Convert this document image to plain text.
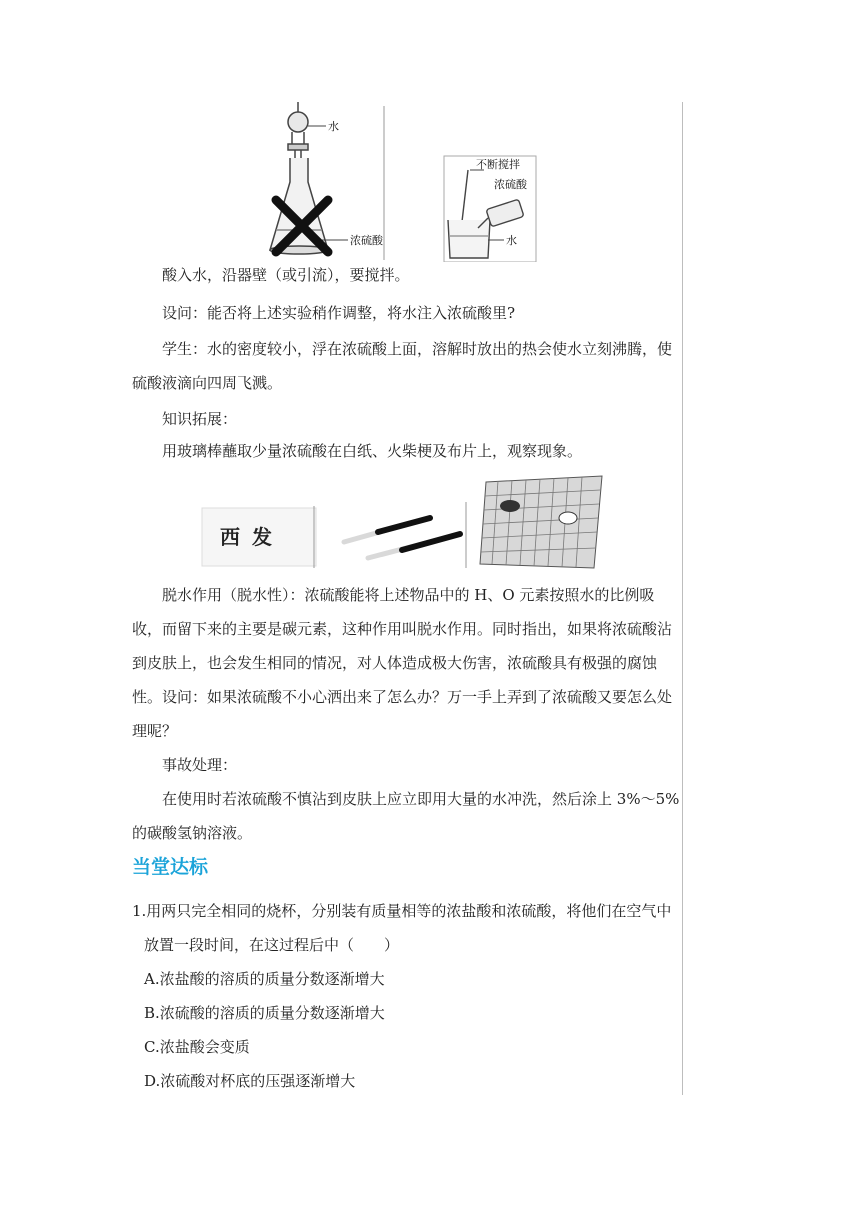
水
浓硫酸
不断搅拌
浓硫酸
水

酸入水，沿器壁（或引流），要搅拌。

设问：能否将上述实验稍作调整，将水注入浓硫酸里?

学生：水的密度较小，浮在浓硫酸上面，溶解时放出的热会使水立刻沸腾，使硫酸液滴向四周飞溅。

知识拓展：

用玻璃棒蘸取少量浓硫酸在白纸、火柴梗及布片上，观察现象。

西   发

脱水作用（脱水性）：浓硫酸能将上述物品中的 H、O 元素按照水的比例吸收，而留下来的主要是碳元素，这种作用叫脱水作用。同时指出，如果将浓硫酸沾到皮肤上，也会发生相同的情况，对人体造成极大伤害，浓硫酸具有极强的腐蚀性。 设问：如果浓硫酸不小心洒出来了怎么办？万一手上弄到了浓硫酸又要怎么处理呢？

事故处理：

在使用时若浓硫酸不慎沾到皮肤上应立即用大量的水冲洗，然后涂上 3%～5%的碳酸氢钠溶液。

当堂达标

1.用两只完全相同的烧杯，分别装有质量相等的浓盐酸和浓硫酸，将他们在空气中

放置一段时间，在这过程后中（　　）

A.浓盐酸的溶质的质量分数逐渐增大

B.浓硫酸的溶质的质量分数逐渐增大

C.浓盐酸会变质

D.浓硫酸对杯底的压强逐渐增大
